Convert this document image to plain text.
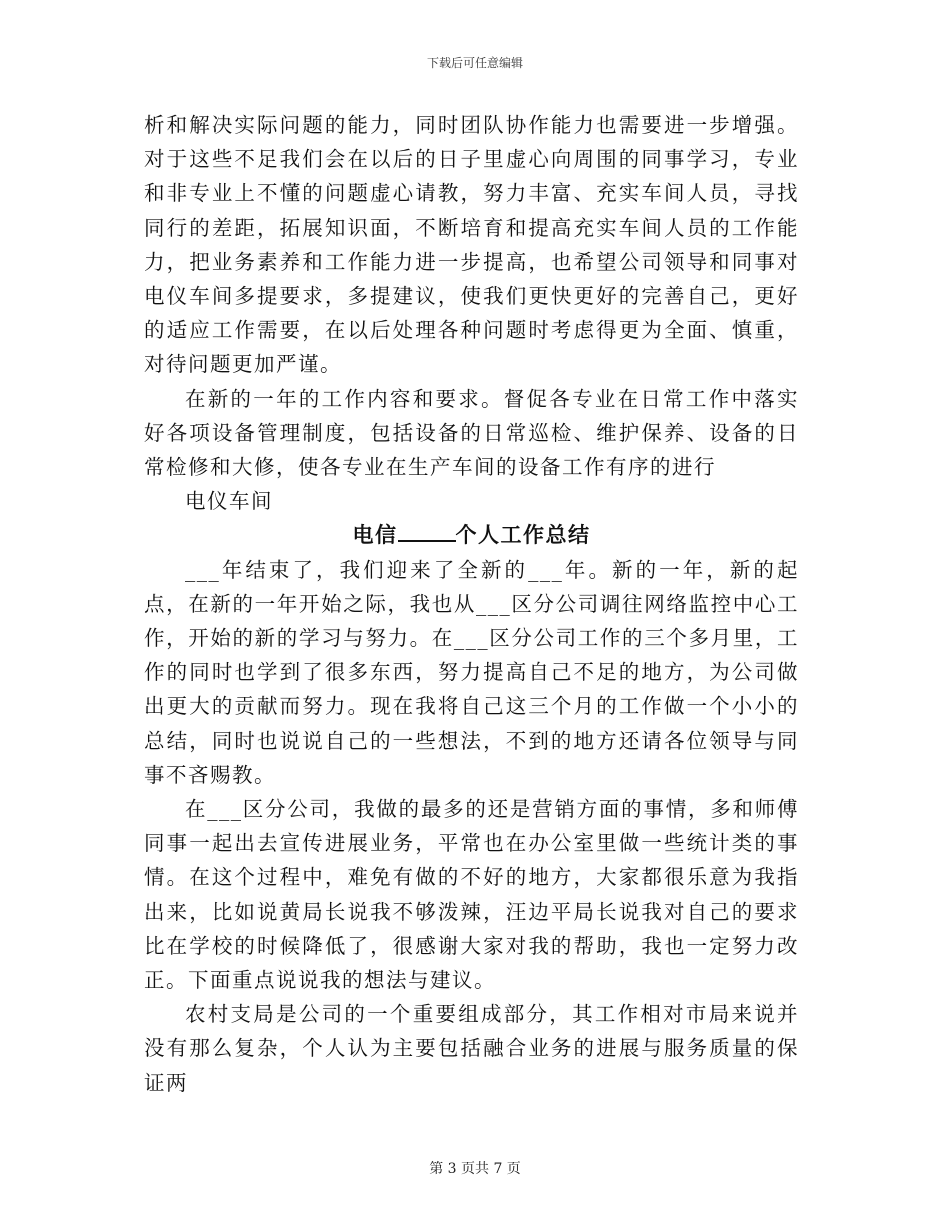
下载后可任意编辑

析和解决实际问题的能力，同时团队协作能力也需要进一步增强。对于这些不足我们会在以后的日子里虚心向周围的同事学习，专业和非专业上不懂的问题虚心请教，努力丰富、充实车间人员，寻找同行的差距，拓展知识面，不断培育和提高充实车间人员的工作能力，把业务素养和工作能力进一步提高，也希望公司领导和同事对电仪车间多提要求，多提建议，使我们更快更好的完善自己，更好的适应工作需要，在以后处理各种问题时考虑得更为全面、慎重，对待问题更加严谨。

在新的一年的工作内容和要求。督促各专业在日常工作中落实好各项设备管理制度，包括设备的日常巡检、维护保养、设备的日常检修和大修，使各专业在生产车间的设备工作有序的进行

电仪车间

电信	个人工作总结

___年结束了，我们迎来了全新的___年。新的一年，新的起点，在新的一年开始之际，我也从___区分公司调往网络监控中心工作，开始的新的学习与努力。在___区分公司工作的三个多月里，工作的同时也学到了很多东西，努力提高自己不足的地方，为公司做出更大的贡献而努力。现在我将自己这三个月的工作做一个小小的总结，同时也说说自己的一些想法，不到的地方还请各位领导与同事不吝赐教。

在___区分公司，我做的最多的还是营销方面的事情，多和师傅同事一起出去宣传进展业务，平常也在办公室里做一些统计类的事情。在这个过程中，难免有做的不好的地方，大家都很乐意为我指出来，比如说黄局长说我不够泼辣，汪边平局长说我对自己的要求比在学校的时候降低了，很感谢大家对我的帮助，我也一定努力改正。下面重点说说我的想法与建议。

农村支局是公司的一个重要组成部分，其工作相对市局来说并没有那么复杂，个人认为主要包括融合业务的进展与服务质量的保证两

第 3 页共 7 页
